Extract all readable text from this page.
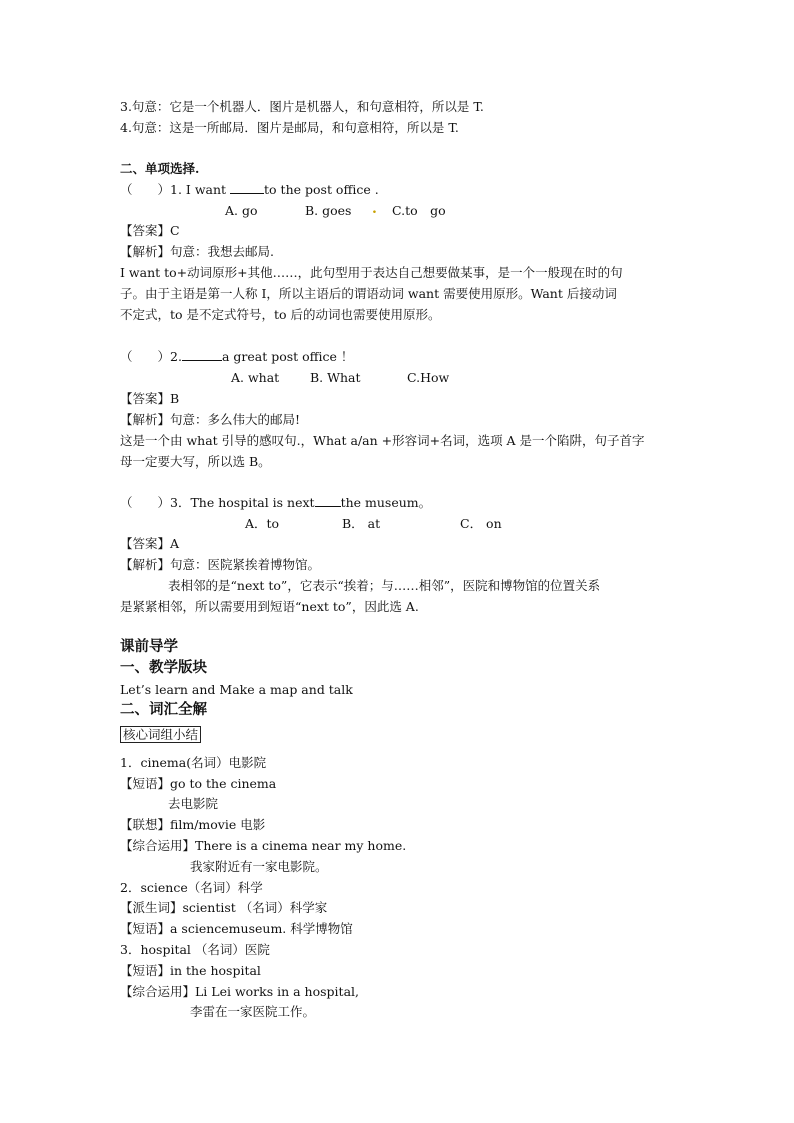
3.句意：它是一个机器人．图片是机器人，和句意相符，所以是 T.
4.句意：这是一所邮局．图片是邮局，和句意相符，所以是 T.
二、单项选择.
（　　）1. I want	to the post office .
A. go	B. goes . C.to　go
【答案】C
【解析】句意：我想去邮局.
I want to+动词原形+其他……，此句型用于表达自己想要做某事，是一个一般现在时的句
子。由于主语是第一人称 I，所以主语后的谓语动词 want 需要使用原形。Want 后接动词
不定式，to 是不定式符号，to 后的动词也需要使用原形。
（　　）2.	a great post office ！
A. what B. What	C.How
【答案】B
【解析】句意：多么伟大的邮局!
这是一个由 what 引导的感叹句.，What a/an +形容词+名词，选项 A 是一个陷阱，句子首字
母一定要大写，所以选 B。
（　　）3．The hospital is next the museum。
A．to	B． at	C． on
【答案】A
【解析】句意：医院紧挨着博物馆。
表相邻的是“next to”，它表示“挨着；与……相邻”，医院和博物馆的位置关系
是紧紧相邻，所以需要用到短语“next to”，因此选 A.
课前导学
一、教学版块
Let’s learn and Make a map and talk
二、词汇全解
核心词组小结
1．cinema(名词）电影院
【短语】go to the cinema
去电影院
【联想】film/movie 电影
【综合运用】There is a cinema near my home.
我家附近有一家电影院。
2．science（名词）科学
【派生词】scientist （名词）科学家
【短语】a sciencemuseum. 科学博物馆
3．hospital （名词）医院
【短语】in the hospital
【综合运用】Li Lei works in a hospital,
李雷在一家医院工作。
